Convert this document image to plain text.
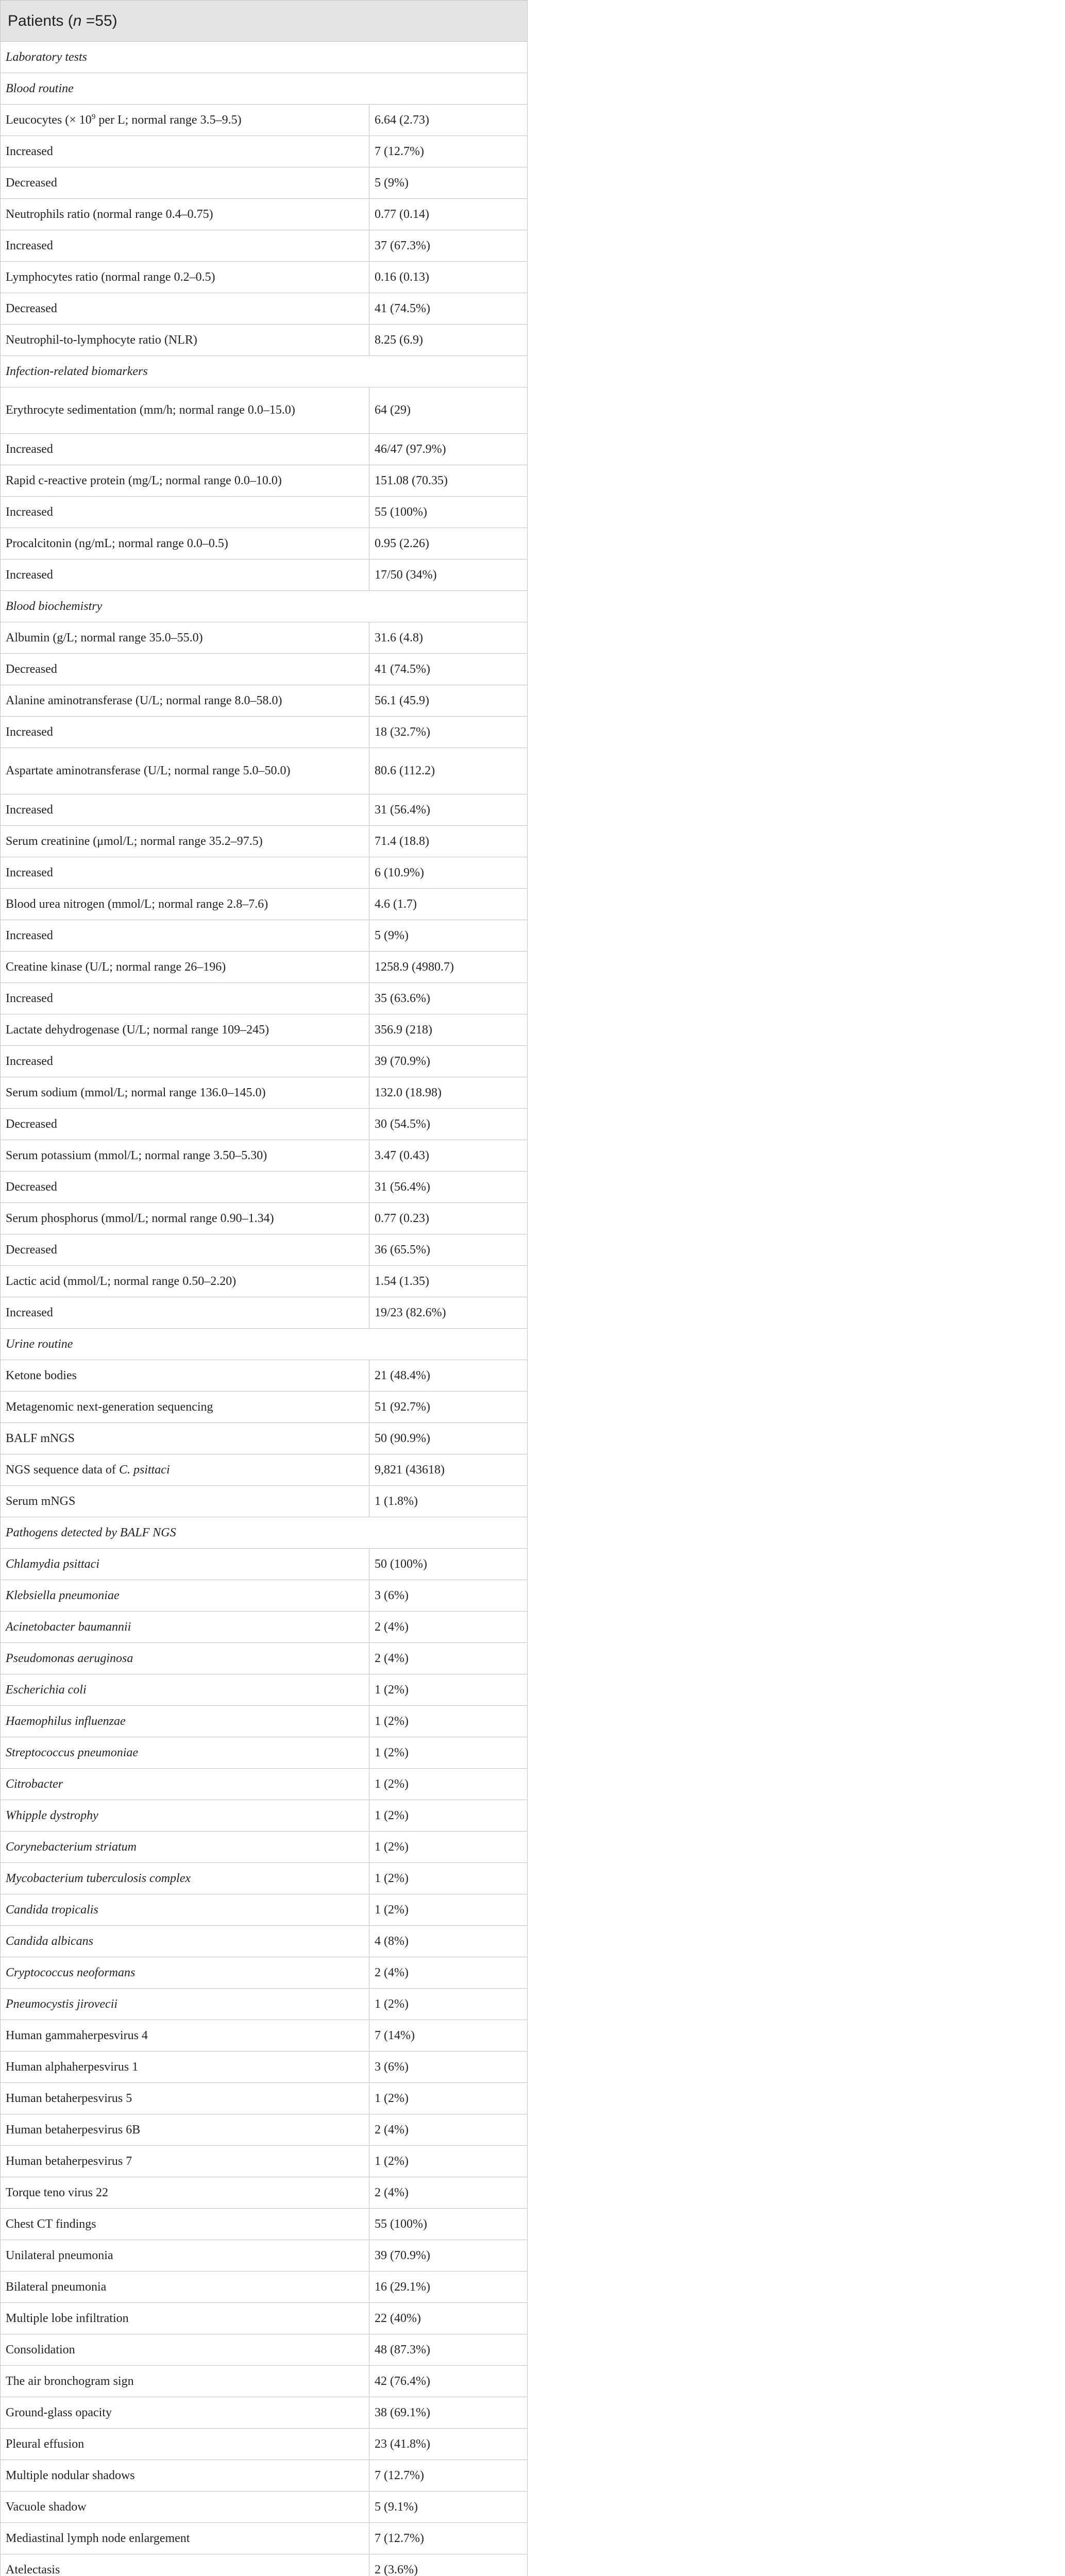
Patients (n =55)	
Laboratory tests	
Blood routine	
Leucocytes (× $10^9$ per L; normal range 3.5–9.5)	6.64 (2.73)
Increased	7 (12.7%)
Decreased	5 (9%)
Neutrophils ratio (normal range 0.4–0.75)	0.77 (0.14)
Increased	37 (67.3%)
Lymphocytes ratio (normal range 0.2–0.5)	0.16 (0.13)
Decreased	41 (74.5%)
Neutrophil-to-lymphocyte ratio (NLR)	8.25 (6.9)
Infection-related biomarkers	
Erythrocyte sedimentation (mm/h; normal range 0.0–15.0)	64 (29)
Increased	46/47 (97.9%)
Rapid c-reactive protein (mg/L; normal range 0.0–10.0)	151.08 (70.35)
Increased	55 (100%)
Procalcitonin (ng/mL; normal range 0.0–0.5)	0.95 (2.26)
Increased	17/50 (34%)
Blood biochemistry	
Albumin (g/L; normal range 35.0–55.0)	31.6 (4.8)
Decreased	41 (74.5%)
Alanine aminotransferase (U/L; normal range 8.0–58.0)	56.1 (45.9)
Increased	18 (32.7%)
Aspartate aminotransferase (U/L; normal range 5.0–50.0)	80.6 (112.2)
Increased	31 (56.4%)
Serum creatinine (μmol/L; normal range 35.2–97.5)	71.4 (18.8)
Increased	6 (10.9%)
Blood urea nitrogen (mmol/L; normal range 2.8–7.6)	4.6 (1.7)
Increased	5 (9%)
Creatine kinase (U/L; normal range 26–196)	1258.9 (4980.7)
Increased	35 (63.6%)
Lactate dehydrogenase (U/L; normal range 109–245)	356.9 (218)
Increased	39 (70.9%)
Serum sodium (mmol/L; normal range 136.0–145.0)	132.0 (18.98)
Decreased	30 (54.5%)
Serum potassium (mmol/L; normal range 3.50–5.30)	3.47 (0.43)
Decreased	31 (56.4%)
Serum phosphorus (mmol/L; normal range 0.90–1.34)	0.77 (0.23)
Decreased	36 (65.5%)
Lactic acid (mmol/L; normal range 0.50–2.20)	1.54 (1.35)
Increased	19/23 (82.6%)
Urine routine	
Ketone bodies	21 (48.4%)
Metagenomic next-generation sequencing	51 (92.7%)
BALF mNGS	50 (90.9%)
NGS sequence data of C. psittaci	9,821 (43618)
Serum mNGS	1 (1.8%)
Pathogens detected by BALF NGS	
Chlamydia psittaci	50 (100%)
Klebsiella pneumoniae	3 (6%)
Acinetobacter baumannii	2 (4%)
Pseudomonas aeruginosa	2 (4%)
Escherichia coli	1 (2%)
Haemophilus influenzae	1 (2%)
Streptococcus pneumoniae	1 (2%)
Citrobacter	1 (2%)
Whipple dystrophy	1 (2%)
Corynebacterium striatum	1 (2%)
Mycobacterium tuberculosis complex	1 (2%)
Candida tropicalis	1 (2%)
Candida albicans	4 (8%)
Cryptococcus neoformans	2 (4%)
Pneumocystis jirovecii	1 (2%)
Human gammaherpesvirus 4	7 (14%)
Human alphaherpesvirus 1	3 (6%)
Human betaherpesvirus 5	1 (2%)
Human betaherpesvirus 6B	2 (4%)
Human betaherpesvirus 7	1 (2%)
Torque teno virus 22	2 (4%)
Chest CT findings	55 (100%)
Unilateral pneumonia	39 (70.9%)
Bilateral pneumonia	16 (29.1%)
Multiple lobe infiltration	22 (40%)
Consolidation	48 (87.3%)
The air bronchogram sign	42 (76.4%)
Ground-glass opacity	38 (69.1%)
Pleural effusion	23 (41.8%)
Multiple nodular shadows	7 (12.7%)
Vacuole shadow	5 (9.1%)
Mediastinal lymph node enlargement	7 (12.7%)
Atelectasis	2 (3.6%)
